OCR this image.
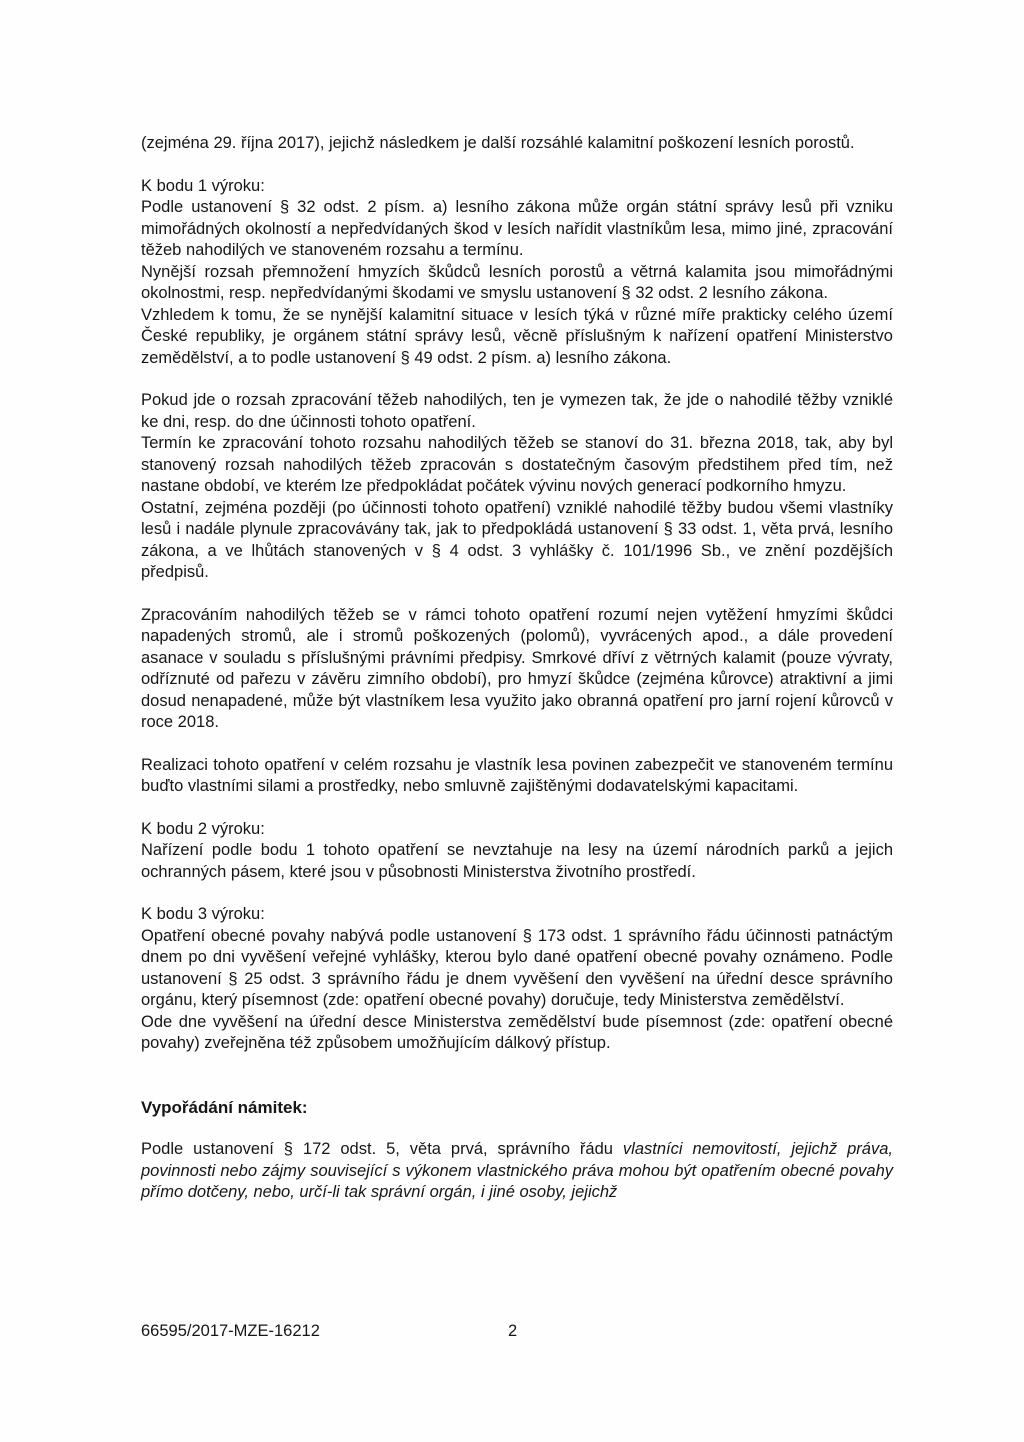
(zejména 29. října 2017), jejichž následkem je další rozsáhlé kalamitní poškození lesních porostů.

K bodu 1 výroku:

Podle ustanovení § 32 odst. 2 písm. a) lesního zákona může orgán státní správy lesů při vzniku mimořádných okolností a nepředvídaných škod v lesích nařídit vlastníkům lesa, mimo jiné, zpracování těžeb nahodilých ve stanoveném rozsahu a termínu.

Nynější rozsah přemnožení hmyzích škůdců lesních porostů a větrná kalamita jsou mimořádnými okolnostmi, resp. nepředvídanými škodami ve smyslu ustanovení § 32 odst. 2 lesního zákona.

Vzhledem k tomu, že se nynější kalamitní situace v lesích týká v různé míře prakticky celého území České republiky, je orgánem státní správy lesů, věcně příslušným k nařízení opatření Ministerstvo zemědělství, a to podle ustanovení § 49 odst. 2 písm. a) lesního zákona.

Pokud jde o rozsah zpracování těžeb nahodilých, ten je vymezen tak, že jde o nahodilé těžby vzniklé ke dni, resp. do dne účinnosti tohoto opatření.

Termín ke zpracování tohoto rozsahu nahodilých těžeb se stanoví do 31. března 2018, tak, aby byl stanovený rozsah nahodilých těžeb zpracován s dostatečným časovým předstihem před tím, než nastane období, ve kterém lze předpokládat počátek vývinu nových generací podkorního hmyzu.

Ostatní, zejména později (po účinnosti tohoto opatření) vzniklé nahodilé těžby budou všemi vlastníky lesů i nadále plynule zpracovávány tak, jak to předpokládá ustanovení § 33 odst. 1, věta prvá, lesního zákona, a ve lhůtách stanovených v § 4 odst. 3 vyhlášky č. 101/1996 Sb., ve znění pozdějších předpisů.

Zpracováním nahodilých těžeb se v rámci tohoto opatření rozumí nejen vytěžení hmyzími škůdci napadených stromů, ale i stromů poškozených (polomů), vyvrácených apod., a dále provedení asanace v souladu s příslušnými právními předpisy. Smrkové dříví z větrných kalamit (pouze vývraty, odříznuté od pařezu v závěru zimního období), pro hmyzí škůdce (zejména kůrovce) atraktivní a jimi dosud nenapadené, může být vlastníkem lesa využito jako obranná opatření pro jarní rojení kůrovců v roce 2018.

Realizaci tohoto opatření v celém rozsahu je vlastník lesa povinen zabezpečit ve stanoveném termínu buďto vlastními silami a prostředky, nebo smluvně zajištěnými dodavatelskými kapacitami.

K bodu 2 výroku:

Nařízení podle bodu 1 tohoto opatření se nevztahuje na lesy na území národních parků a jejich ochranných pásem, které jsou v působnosti Ministerstva životního prostředí.

K bodu 3 výroku:

Opatření obecné povahy nabývá podle ustanovení § 173 odst. 1 správního řádu účinnosti patnáctým dnem po dni vyvěšení veřejné vyhlášky, kterou bylo dané opatření obecné povahy oznámeno. Podle ustanovení § 25 odst. 3 správního řádu je dnem vyvěšení den vyvěšení na úřední desce správního orgánu, který písemnost (zde: opatření obecné povahy) doručuje, tedy Ministerstva zemědělství.

Ode dne vyvěšení na úřední desce Ministerstva zemědělství bude písemnost (zde: opatření obecné povahy) zveřejněna též způsobem umožňujícím dálkový přístup.

Vypořádání námitek:

Podle ustanovení § 172 odst. 5, věta prvá, správního řádu vlastníci nemovitostí, jejichž práva, povinnosti nebo zájmy související s výkonem vlastnického práva mohou být opatřením obecné povahy přímo dotčeny, nebo, určí-li tak správní orgán, i jiné osoby, jejichž

66595/2017-MZE-16212	2
